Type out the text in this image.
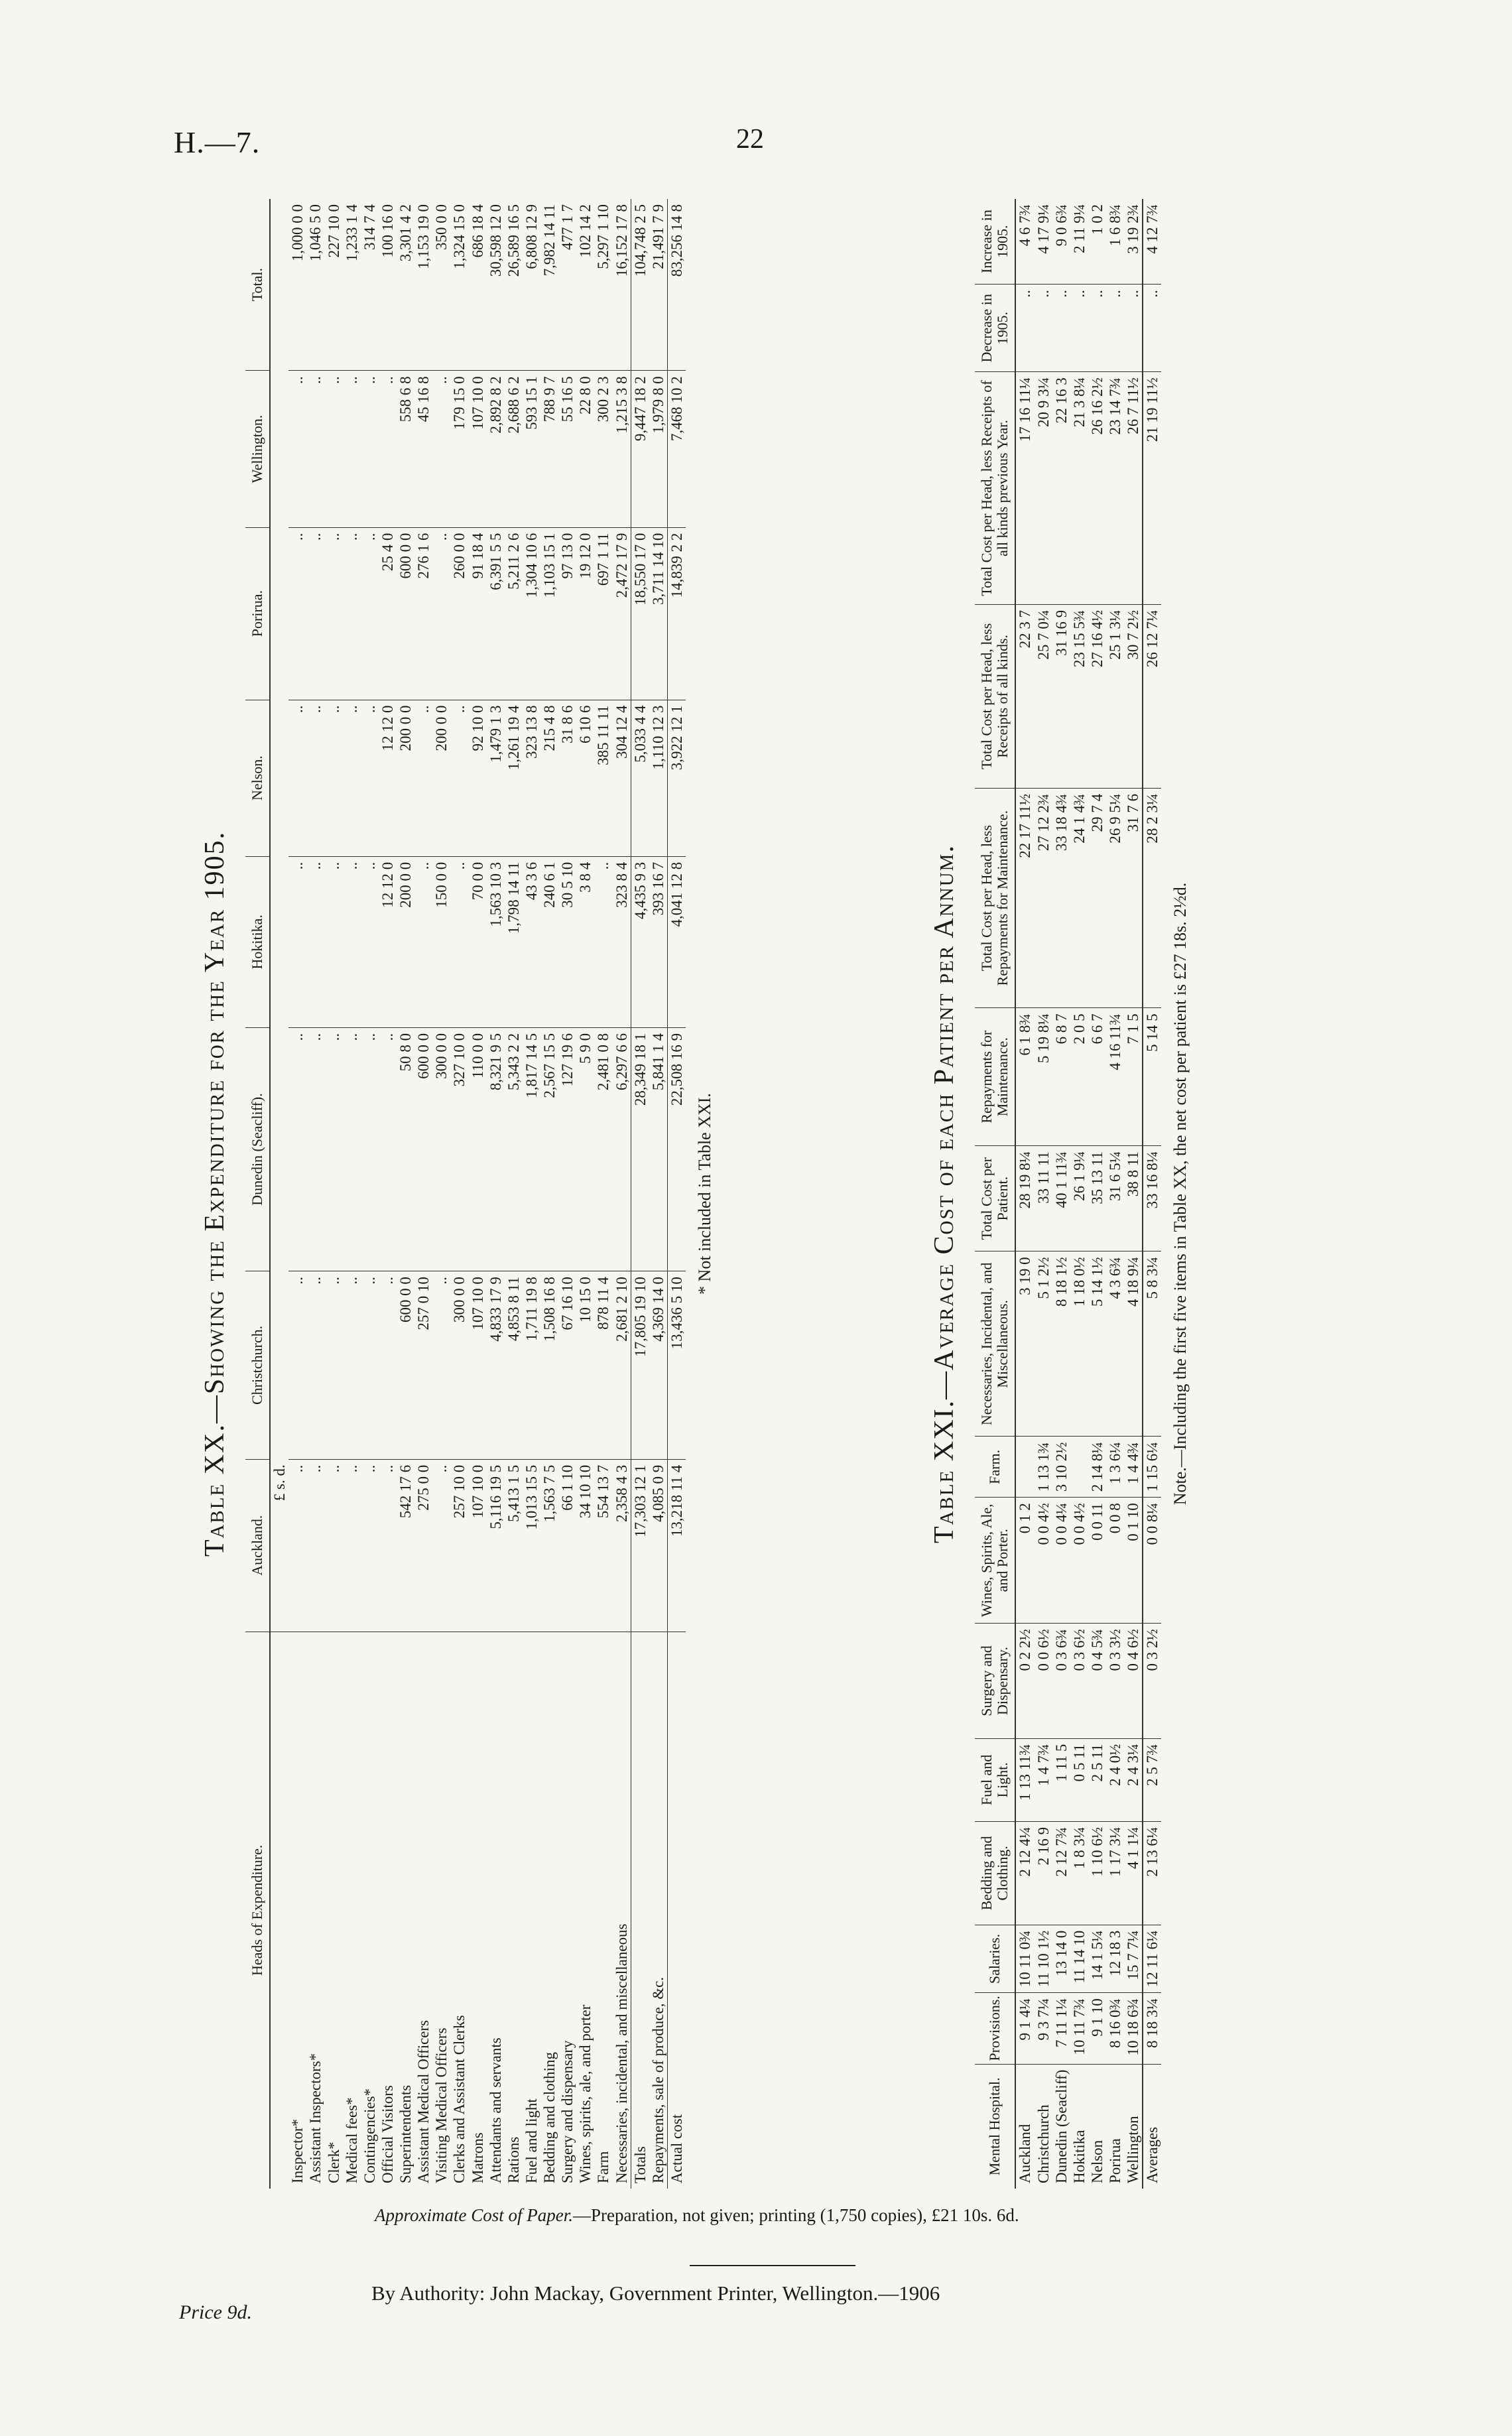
H.—7.	22
Table XX.—Showing the Expenditure for the Year 1905.
Heads of Expenditure.	Auckland.	Christchurch.	Dunedin (Seacliff).	Hokitika.	Nelson.	Porirua.	Wellington.	Total.
	£ s. d.							
Inspector*	..	..	..	..	..	..	..	1,000 0 0
Assistant Inspectors*	..	..	..	..	..	..	..	1,046 5 0
Clerk*	..	..	..	..	..	..	..	227 10 0
Medical fees*	..	..	..	..	..	..	..	1,233 1 4
Contingencies*	..	..	..	..	..	..	..	314 7 4
Official Visitors	..	..	..	12 12 0	12 12 0	25 4 0	..	100 16 0
Superintendents	542 17 6	600 0 0	50 8 0	200 0 0	200 0 0	600 0 0	558 6 8	3,301 4 2
Assistant Medical Officers	275 0 0	257 0 10	600 0 0	..	..	276 1 6	45 16 8	1,153 19 0
Visiting Medical Officers	..	..	300 0 0	150 0 0	200 0 0	..	..	350 0 0
Clerks and Assistant Clerks	257 10 0	300 0 0	327 10 0	..	..	260 0 0	179 15 0	1,324 15 0
Matrons	107 10 0	107 10 0	110 0 0	70 0 0	92 10 0	91 18 4	107 10 0	686 18 4
Attendants and servants	5,116 19 5	4,833 17 9	8,321 9 5	1,563 10 3	1,479 1 3	6,391 5 5	2,892 8 2	30,598 12 0
Rations	5,413 1 5	4,853 8 11	5,343 2 2	1,798 14 11	1,261 19 4	5,211 2 6	2,688 6 2	26,589 16 5
Fuel and light	1,013 15 5	1,711 19 8	1,817 14 5	43 3 6	323 13 8	1,304 10 6	593 15 1	6,808 12 9
Bedding and clothing	1,563 7 5	1,508 16 8	2,567 15 5	240 6 1	215 4 8	1,103 15 1	788 9 7	7,982 14 11
Surgery and dispensary	66 1 10	67 16 10	127 19 6	30 5 10	31 8 6	97 13 0	55 16 5	477 1 7
Wines, spirits, ale, and porter	34 10 10	10 15 0	5 9 0	3 8 4	6 10 6	19 12 0	22 8 0	102 14 2
Farm	554 13 7	878 11 4	2,481 0 8	..	385 11 11	697 1 11	300 2 3	5,297 1 10
Necessaries, incidental, and miscellaneous	2,358 4 3	2,681 2 10	6,297 6 6	323 8 4	304 12 4	2,472 17 9	1,215 3 8	16,152 17 8
Totals	17,303 12 1	17,805 19 10	28,349 18 1	4,435 9 3	5,033 4 4	18,550 17 0	9,447 18 2	104,748 2 5
Repayments, sale of produce, &c.	4,085 0 9	4,369 14 0	5,841 1 4	393 16 7	1,110 12 3	3,711 14 10	1,979 8 0	21,491 7 9
Actual cost	13,218 11 4	13,436 5 10	22,508 16 9	4,041 12 8	3,922 12 1	14,839 2 2	7,468 10 2	83,256 14 8
* Not included in Table XXI.
Table XXI.—Average Cost of each Patient per Annum.
Mental Hospital.	Provisions.	Salaries.	Bedding and Clothing.	Fuel and Light.	Surgery and Dispensary.	Wines, Spirits, Ale, and Porter.	Farm.	Necessaries, Incidental, and Miscellaneous.	Total Cost per Patient.	Repayments for Maintenance.	Total Cost per Head, less Repayments for Maintenance.	Total Cost per Head, less Receipts of all kinds.	Total Cost per Head, less Receipts of all kinds previous Year.	Decrease in 1905.	Increase in 1905.
Auckland	9 1 4¼	10 11 0¾	2 12 4¼	1 13 11¾	0 2 2½	0 1 2		3 19 0	28 19 8¼	6 1 8¾	22 17 11½	22 3 7	17 16 11¼	..	4 6 7¾
Christchurch	9 3 7¼	11 10 1½	2 16 9	1 4 7¾	0 0 6½	0 0 4½	1 13 1¾	5 1 2½	33 11 11	5 19 8¼	27 12 2¾	25 7 0¼	20 9 3¼	..	4 17 9¼
Dunedin (Seacliff)	7 11 1¼	13 14 0	2 12 7¾	1 11 5	0 3 6¾	0 0 4¼	3 10 2½	8 18 1½	40 1 11¾	6 8 7	33 18 4¾	31 16 9	22 16 3	..	9 0 6¾
Hokitika	10 11 7¾	11 14 10	1 8 3¼	0 5 11	0 3 6½	0 0 4½		1 18 0½	26 1 9¼	2 0 5	24 1 4¾	23 15 5¾	21 3 8¼	..	2 11 9¼
Nelson	9 1 10	14 1 5¼	1 10 6½	2 5 11	0 4 5¾	0 0 11	2 14 8¼	5 14 1½	35 13 11	6 6 7	29 7 4	27 16 4½	26 16 2½	..	1 0 2
Porirua	8 16 0¾	12 18 3	1 17 3¼	2 4 0½	0 3 3½	0 0 8	1 3 6¼	4 3 6¾	31 6 5¼	4 16 11¾	26 9 5¼	25 1 3¼	23 14 7¾	..	1 6 8¾
Wellington	10 18 6¾	15 7 7¼	4 1 1¼	2 4 3¼	0 4 6½	0 1 10	1 4 4¾	4 18 9¼	38 8 11	7 1 5	31 7 6	30 7 2½	26 7 11½	..	3 19 2¾
Averages	8 18 3¼	12 11 6¼	2 13 6¼	2 5 7¾	0 3 2½	0 0 8¼	1 15 6¼	5 8 3¼	33 16 8¼	5 14 5	28 2 3¼	26 12 7¼	21 19 11½	..	4 12 7¾
Note.—Including the first five items in Table XX, the net cost per patient is £27 18s. 2½d.
Approximate Cost of Paper.—Preparation, not given; printing (1,750 copies), £21 10s. 6d.
By Authority: John Mackay, Government Printer, Wellington.—1906
Price 9d.
